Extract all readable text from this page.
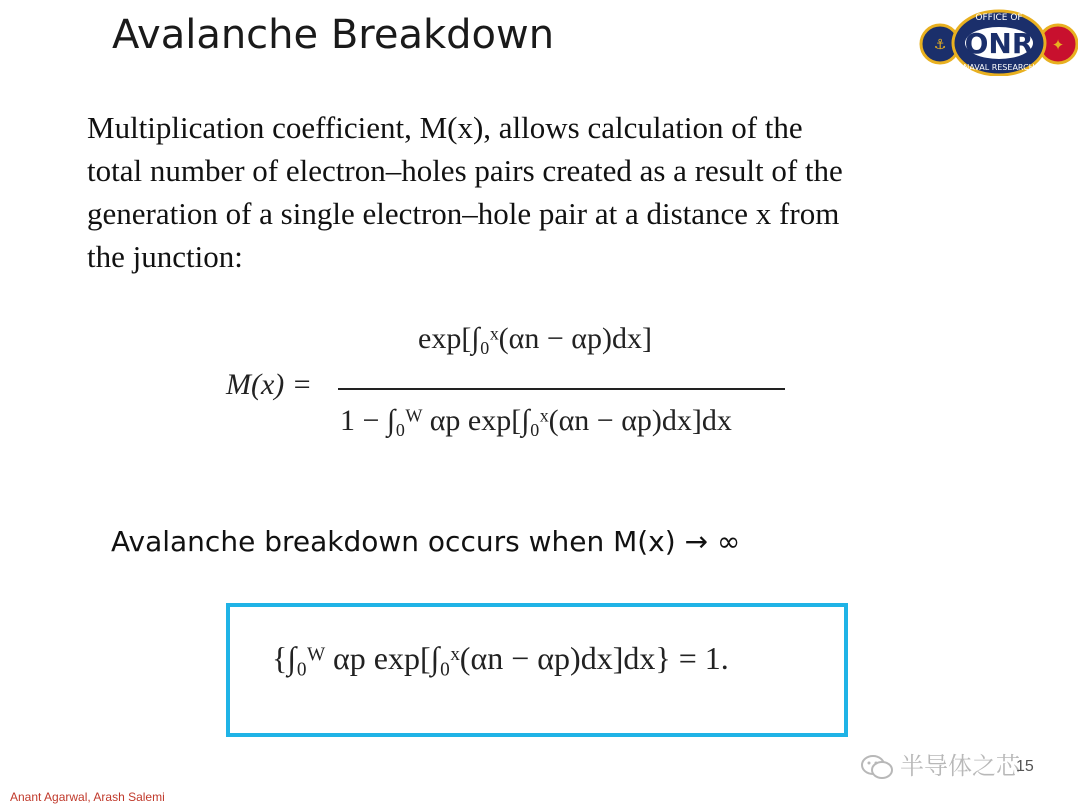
Avalanche Breakdown	⚓	✦
OFFICE OF
ONR
NAVAL RESEARCH
Multiplication coefficient, M(x), allows calculation of the
total number of electron–holes pairs created as a result of the
generation of a single electron–hole pair at a distance x from
the junction:
M(x) =
exp[∫₀ˣ(αn − αp)dx]
1 − ∫₀ᵂ αp exp[∫₀ˣ(αn − αp)dx]dx
Avalanche breakdown occurs when M(x) → ∞
{∫₀ᵂ αp exp[∫₀ˣ(αn − αp)dx]dx} = 1.
Anant Agarwal, Arash Salemi
半导体之芯
15
